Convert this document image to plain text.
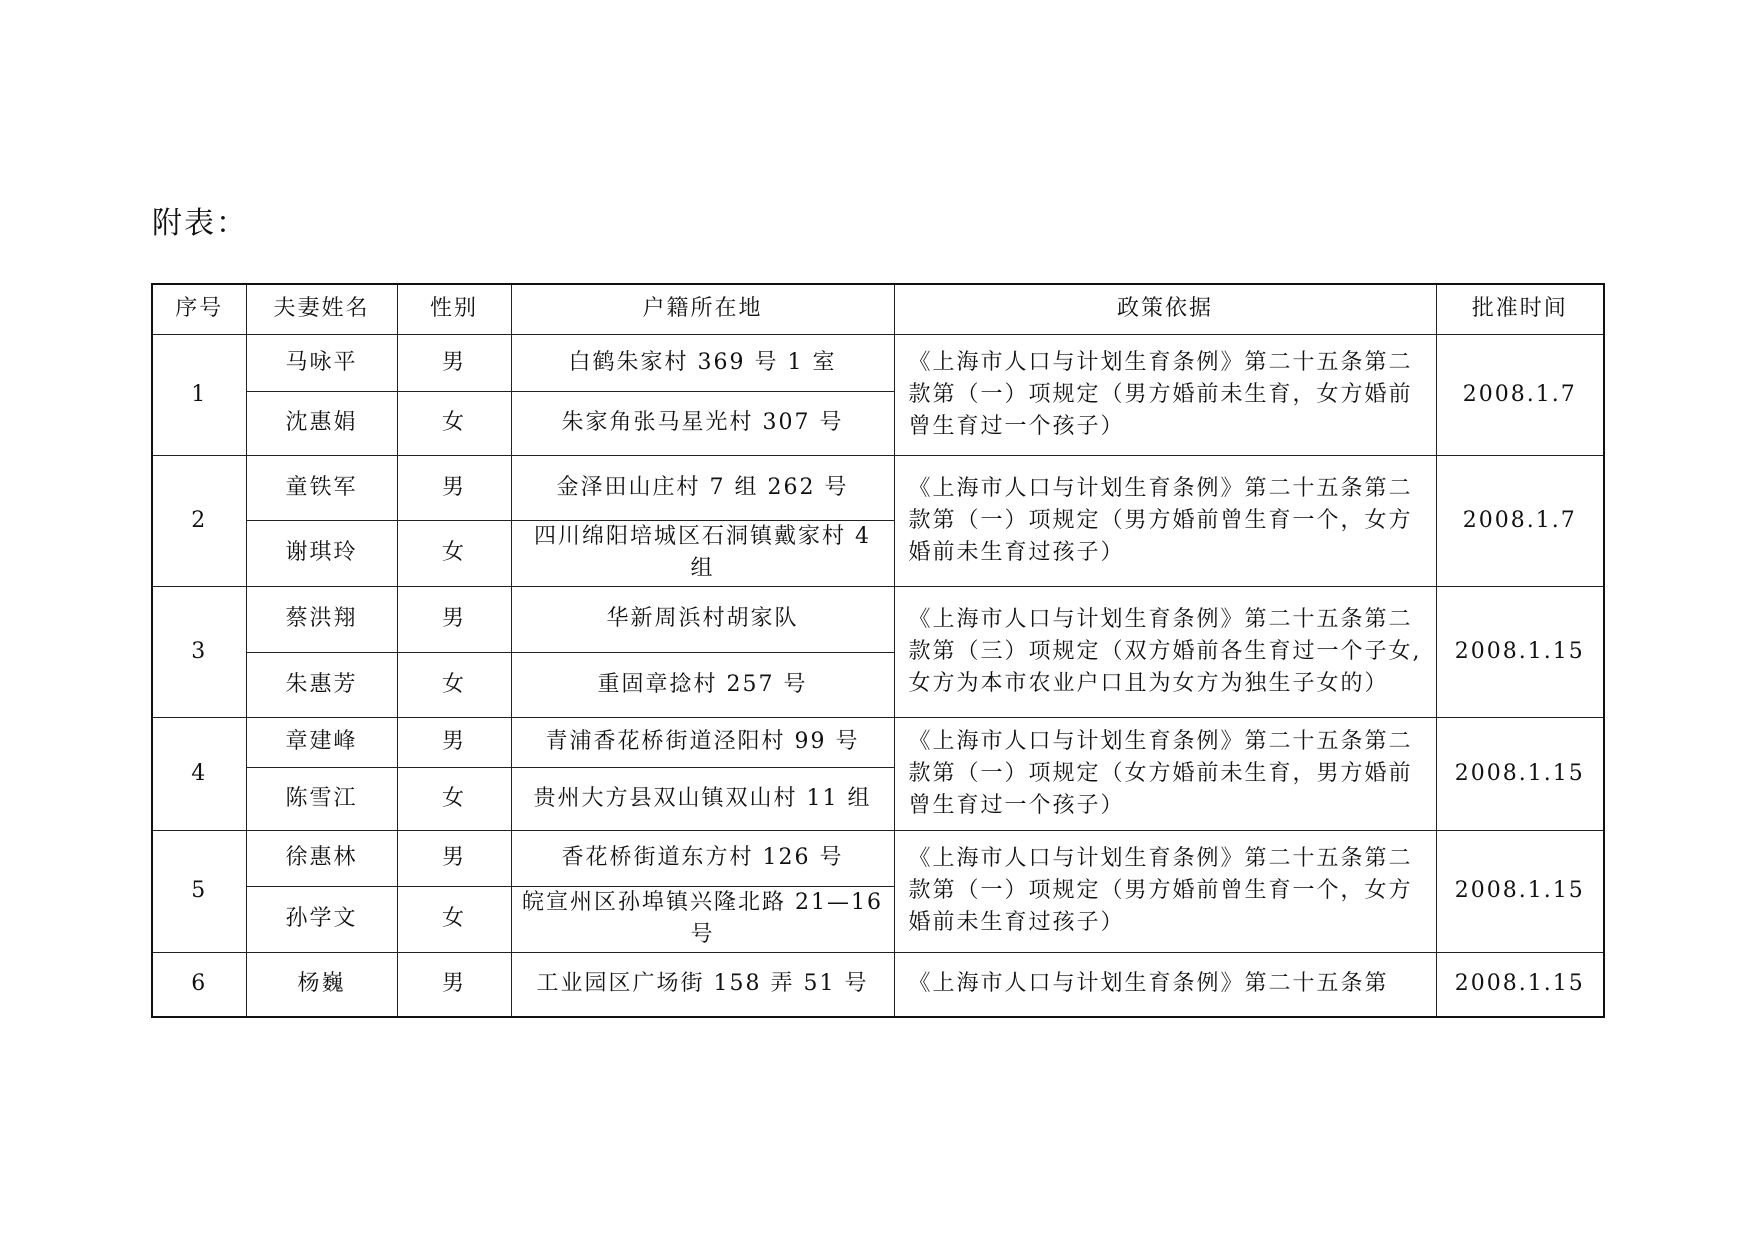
附表：
序号	夫妻姓名	性别	户籍所在地	政策依据	批准时间
1	马咏平	男	白鹤朱家村 369 号 1 室	《上海市人口与计划生育条例》第二十五条第二款第（一）项规定（男方婚前未生育，女方婚前曾生育过一个孩子）	2008.1.7
	沈惠娟	女	朱家角张马星光村 307 号		
2	童铁军	男	金泽田山庄村 7 组 262 号	《上海市人口与计划生育条例》第二十五条第二款第（一）项规定（男方婚前曾生育一个，女方婚前未生育过孩子）	2008.1.7
	谢琪玲	女	四川绵阳培城区石洞镇戴家村 4 组		
3	蔡洪翔	男	华新周浜村胡家队	《上海市人口与计划生育条例》第二十五条第二款第（三）项规定（双方婚前各生育过一个子女,女方为本市农业户口且为女方为独生子女的）	2008.1.15
	朱惠芳	女	重固章捻村 257 号		
4	章建峰	男	青浦香花桥街道泾阳村 99 号	《上海市人口与计划生育条例》第二十五条第二款第（一）项规定（女方婚前未生育，男方婚前曾生育过一个孩子）	2008.1.15
	陈雪江	女	贵州大方县双山镇双山村 11 组		
5	徐惠林	男	香花桥街道东方村 126 号	《上海市人口与计划生育条例》第二十五条第二款第（一）项规定（男方婚前曾生育一个，女方婚前未生育过孩子）	2008.1.15
	孙学文	女	皖宣州区孙埠镇兴隆北路 21—16 号		
6	杨巍	男	工业园区广场街 158 弄 51 号	《上海市人口与计划生育条例》第二十五条第	2008.1.15
